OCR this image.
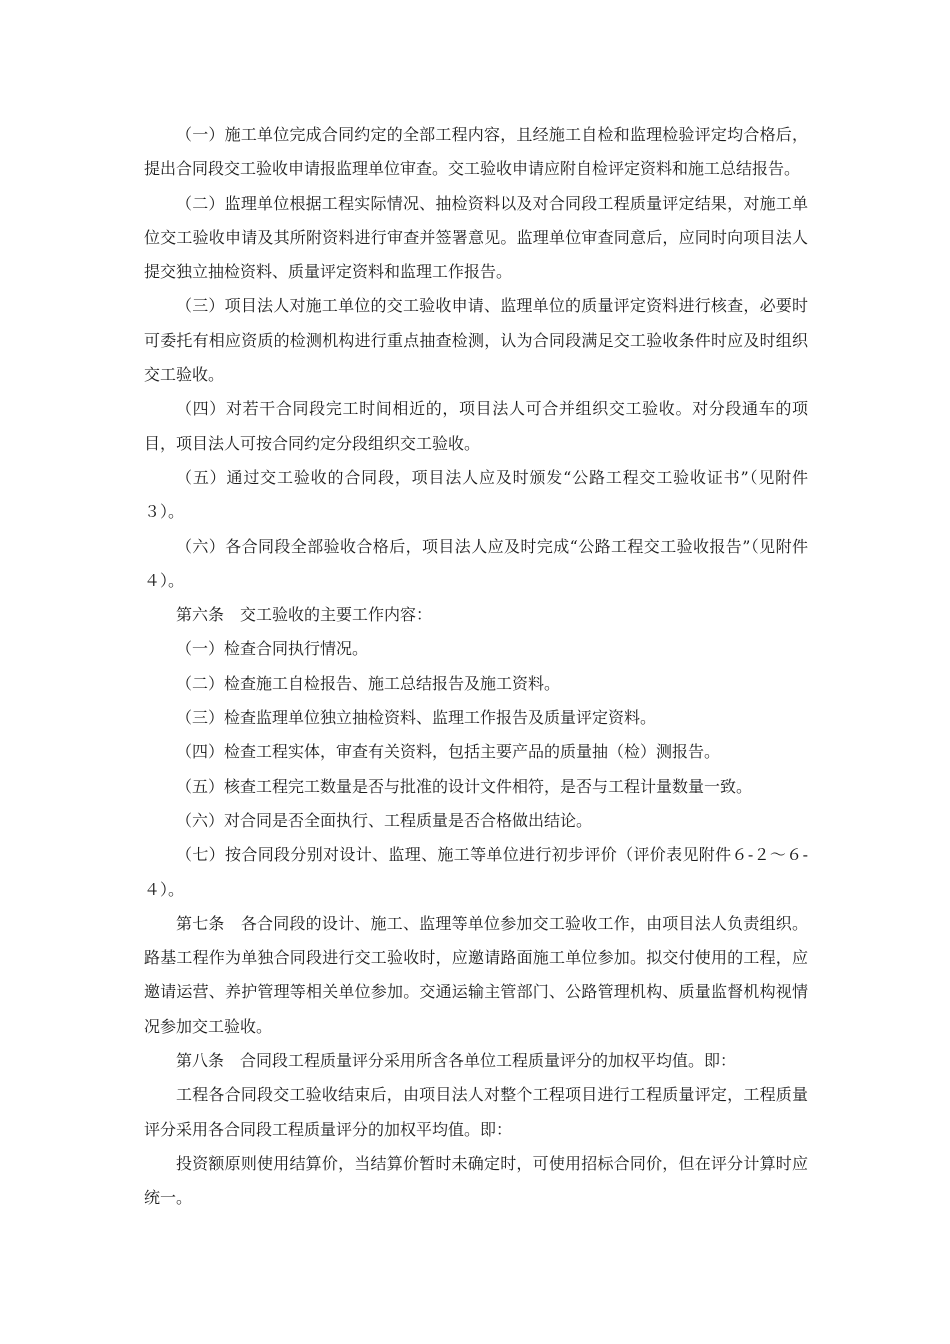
（一）施工单位完成合同约定的全部工程内容，且经施工自检和监理检验评定均合格后，提出合同段交工验收申请报监理单位审查。交工验收申请应附自检评定资料和施工总结报告。

（二）监理单位根据工程实际情况、抽检资料以及对合同段工程质量评定结果，对施工单位交工验收申请及其所附资料进行审查并签署意见。监理单位审查同意后，应同时向项目法人提交独立抽检资料、质量评定资料和监理工作报告。

（三）项目法人对施工单位的交工验收申请、监理单位的质量评定资料进行核查，必要时可委托有相应资质的检测机构进行重点抽查检测，认为合同段满足交工验收条件时应及时组织交工验收。

（四）对若干合同段完工时间相近的，项目法人可合并组织交工验收。对分段通车的项目，项目法人可按合同约定分段组织交工验收。

（五）通过交工验收的合同段，项目法人应及时颁发“公路工程交工验收证书”（见附件３）。

（六）各合同段全部验收合格后，项目法人应及时完成“公路工程交工验收报告”（见附件４）。

第六条　交工验收的主要工作内容：

（一）检查合同执行情况。

（二）检查施工自检报告、施工总结报告及施工资料。

（三）检查监理单位独立抽检资料、监理工作报告及质量评定资料。

（四）检查工程实体，审查有关资料，包括主要产品的质量抽（检）测报告。

（五）核查工程完工数量是否与批准的设计文件相符，是否与工程计量数量一致。

（六）对合同是否全面执行、工程质量是否合格做出结论。

（七）按合同段分别对设计、监理、施工等单位进行初步评价（评价表见附件６-２～６-４）。

第七条　各合同段的设计、施工、监理等单位参加交工验收工作，由项目法人负责组织。路基工程作为单独合同段进行交工验收时，应邀请路面施工单位参加。拟交付使用的工程，应邀请运营、养护管理等相关单位参加。交通运输主管部门、公路管理机构、质量监督机构视情况参加交工验收。

第八条　合同段工程质量评分采用所含各单位工程质量评分的加权平均值。即：

工程各合同段交工验收结束后，由项目法人对整个工程项目进行工程质量评定，工程质量评分采用各合同段工程质量评分的加权平均值。即：

投资额原则使用结算价，当结算价暂时未确定时，可使用招标合同价，但在评分计算时应统一。
